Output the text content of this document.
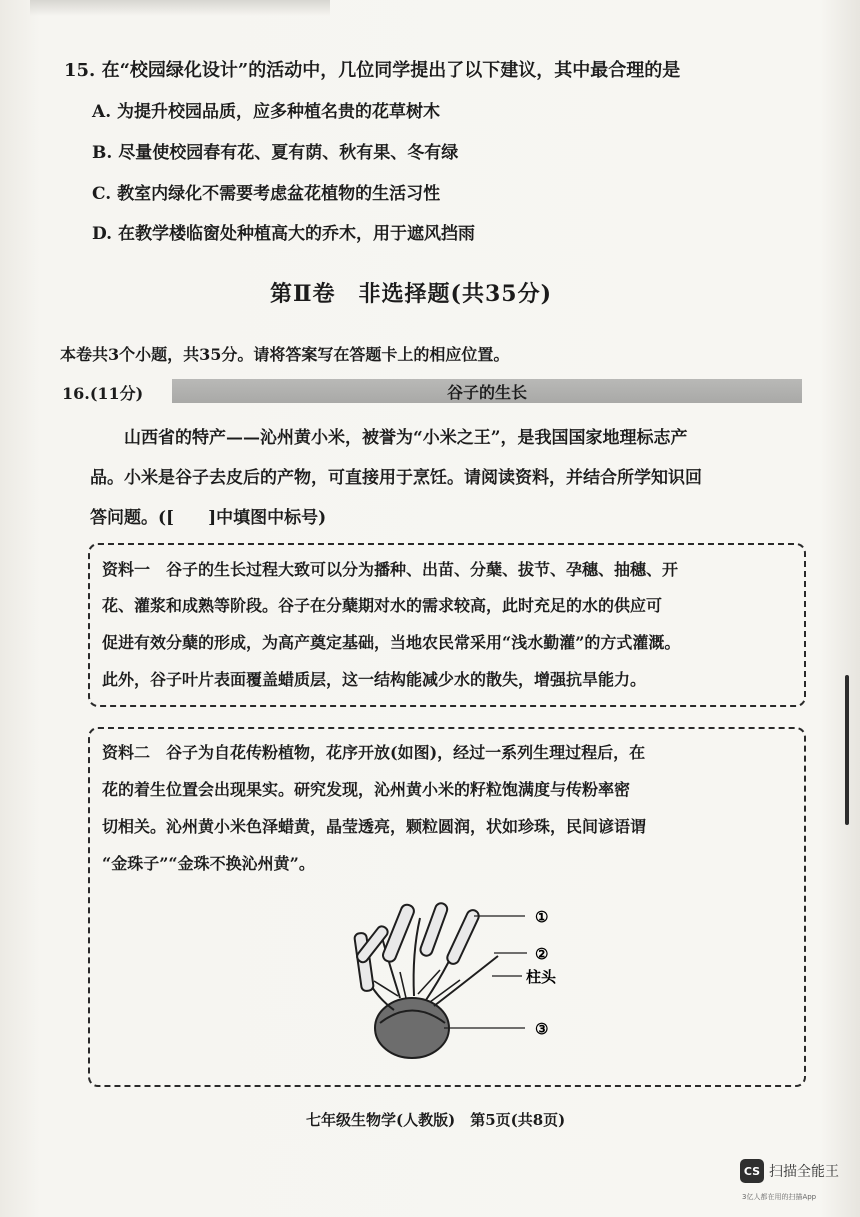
15. 在“校园绿化设计”的活动中，几位同学提出了以下建议，其中最合理的是
A. 为提升校园品质，应多种植名贵的花草树木
B. 尽量使校园春有花、夏有荫、秋有果、冬有绿
C. 教室内绿化不需要考虑盆花植物的生活习性
D. 在教学楼临窗处种植高大的乔木，用于遮风挡雨
第Ⅱ卷　非选择题(共35分)
本卷共3个小题，共35分。请将答案写在答题卡上的相应位置。
16.(11分)	谷子的生长
山西省的特产——沁州黄小米，被誉为“小米之王”，是我国国家地理标志产
品。小米是谷子去皮后的产物，可直接用于烹饪。请阅读资料，并结合所学知识回
答问题。([　　]中填图中标号)
资料一　谷子的生长过程大致可以分为播种、出苗、分蘖、拔节、孕穗、抽穗、开
花、灌浆和成熟等阶段。谷子在分蘖期对水的需求较高，此时充足的水的供应可
促进有效分蘖的形成，为高产奠定基础，当地农民常采用“浅水勤灌”的方式灌溉。
此外，谷子叶片表面覆盖蜡质层，这一结构能减少水的散失，增强抗旱能力。
资料二　谷子为自花传粉植物，花序开放(如图)，经过一系列生理过程后，在
花的着生位置会出现果实。研究发现，沁州黄小米的籽粒饱满度与传粉率密
切相关。沁州黄小米色泽蜡黄，晶莹透亮，颗粒圆润，状如珍珠，民间谚语谓
“金珠子”“金珠不换沁州黄”。
①
②
柱头
③
七年级生物学(人教版)　第5页(共8页)
CS 扫描全能王
3亿人都在用的扫描App
